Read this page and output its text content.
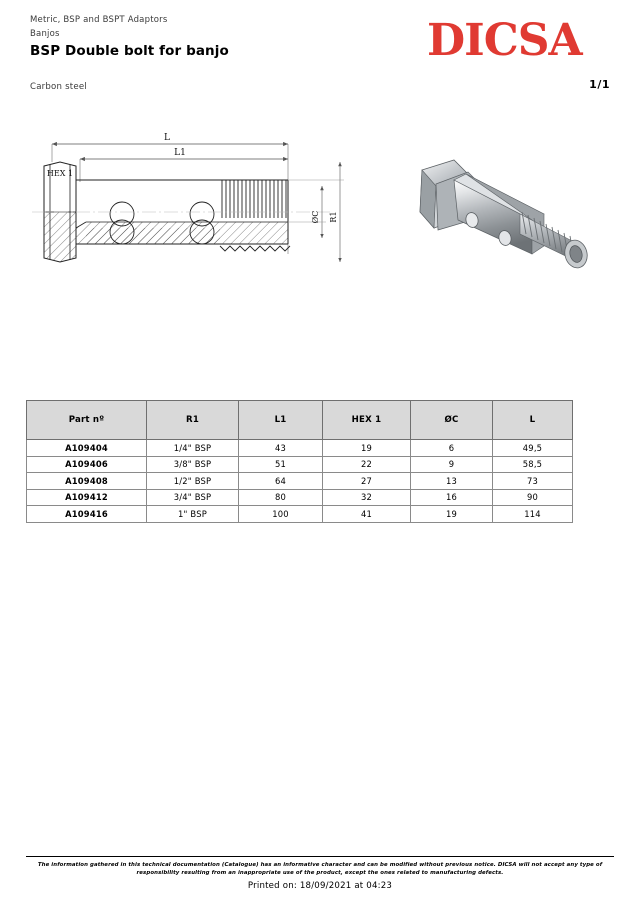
Metric, BSP and BSPT Adaptors
Banjos
BSP Double bolt for banjo
Carbon steel
DICSA
1/1
L
L1
HEX 1
ØC R1
Part nº	R1	L1	HEX 1	ØC	L
A109404	1/4" BSP	43	19	6	49,5
A109406	3/8" BSP	51	22	9	58,5
A109408	1/2" BSP	64	27	13	73
A109412	3/4" BSP	80	32	16	90
A109416	1" BSP	100	41	19	114
The information gathered in this technical documentation (Catalogue) has an informative character and can be modified without previous notice. DICSA will not accept any type of responsibility resulting from an inappropriate use of the product, except the ones related to manufacturing defects.
Printed on: 18/09/2021 at 04:23
